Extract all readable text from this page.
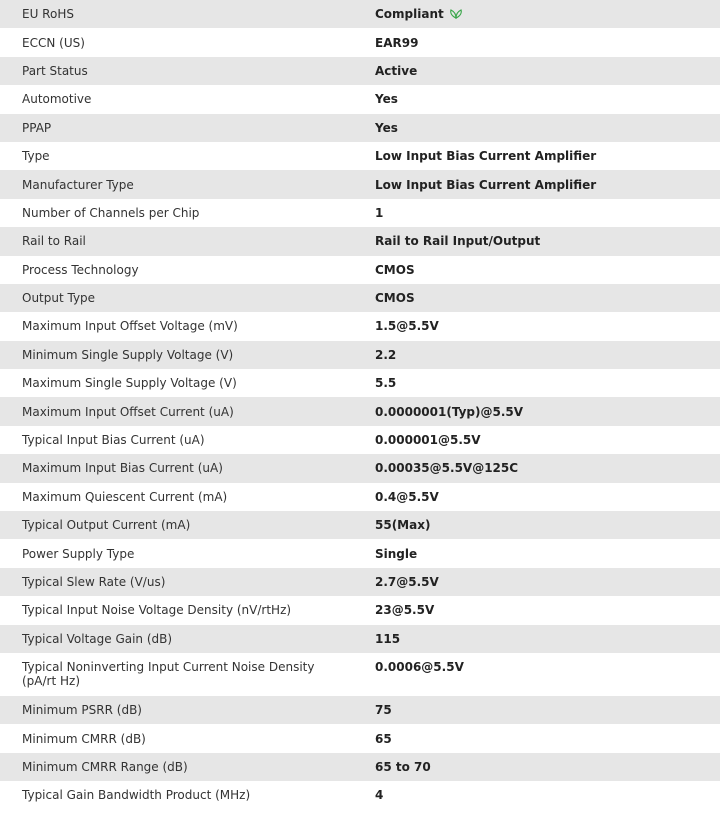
EU RoHS	Compliant
ECCN (US)	EAR99
Part Status	Active
Automotive	Yes
PPAP	Yes
Type	Low Input Bias Current Amplifier
Manufacturer Type	Low Input Bias Current Amplifier
Number of Channels per Chip	1
Rail to Rail	Rail to Rail Input/Output
Process Technology	CMOS
Output Type	CMOS
Maximum Input Offset Voltage (mV)	1.5@5.5V
Minimum Single Supply Voltage (V)	2.2
Maximum Single Supply Voltage (V)	5.5
Maximum Input Offset Current (uA)	0.0000001(Typ)@5.5V
Typical Input Bias Current (uA)	0.000001@5.5V
Maximum Input Bias Current (uA)	0.00035@5.5V@125C
Maximum Quiescent Current (mA)	0.4@5.5V
Typical Output Current (mA)	55(Max)
Power Supply Type	Single
Typical Slew Rate (V/us)	2.7@5.5V
Typical Input Noise Voltage Density (nV/rtHz)	23@5.5V
Typical Voltage Gain (dB)	115
Typical Noninverting Input Current Noise Density (pA/rt Hz)	0.0006@5.5V
Minimum PSRR (dB)	75
Minimum CMRR (dB)	65
Minimum CMRR Range (dB)	65 to 70
Typical Gain Bandwidth Product (MHz)	4
